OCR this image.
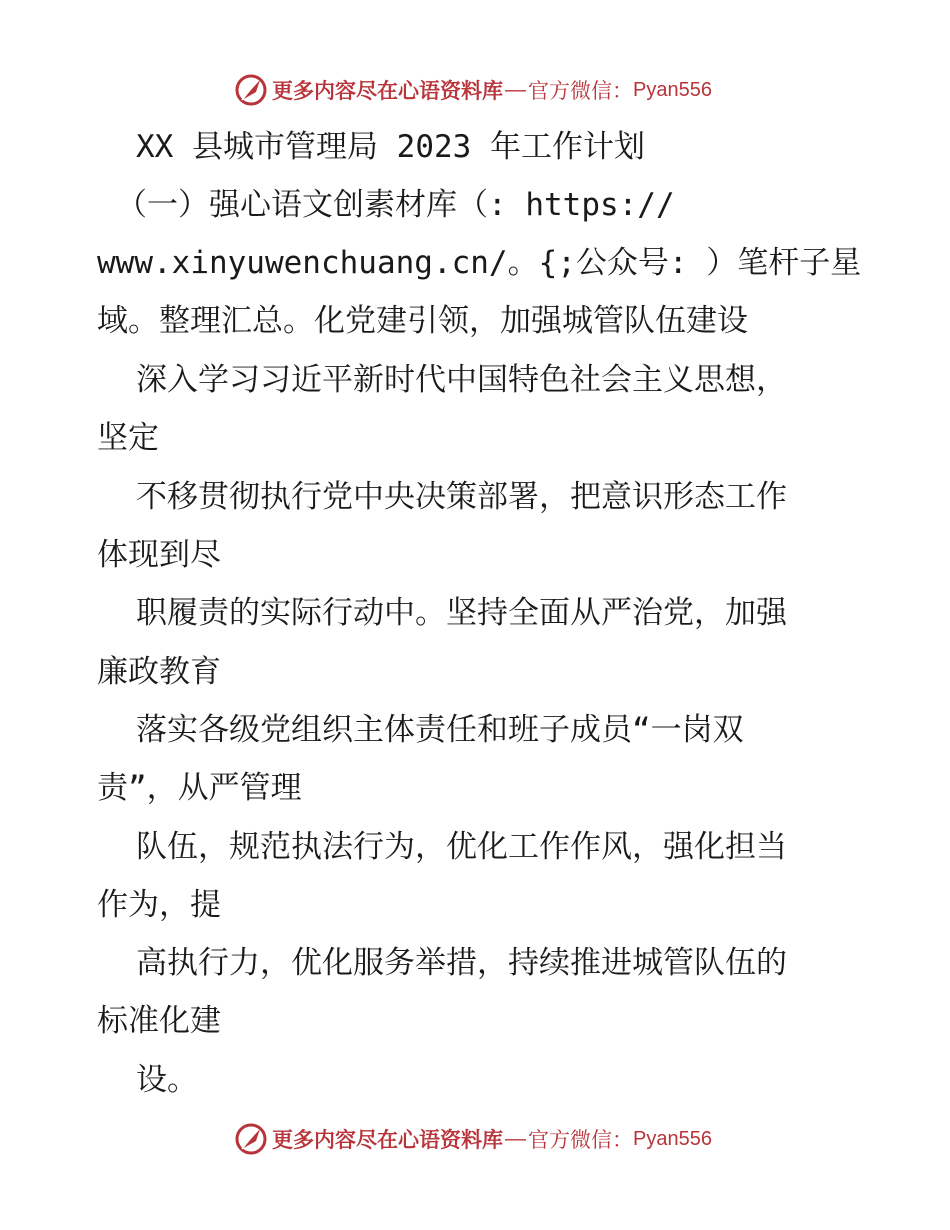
更多内容尽在心语资料库 — 官方微信： Pyan556
XX 县城市管理局 2023 年工作计划
（一）强心语文创素材库（: https://
www.xinyuwenchuang.cn/。{;公众号: ）笔杆子星
域。整理汇总。化党建引领，加强城管队伍建设
深入学习习近平新时代中国特色社会主义思想，
坚定
不移贯彻执行党中央决策部署，把意识形态工作
体现到尽
职履责的实际行动中。坚持全面从严治党，加强
廉政教育
落实各级党组织主体责任和班子成员“一岗双
责”，从严管理
队伍，规范执法行为，优化工作作风，强化担当
作为，提
高执行力，优化服务举措，持续推进城管队伍的
标准化建
设。
更多内容尽在心语资料库 — 官方微信： Pyan556
